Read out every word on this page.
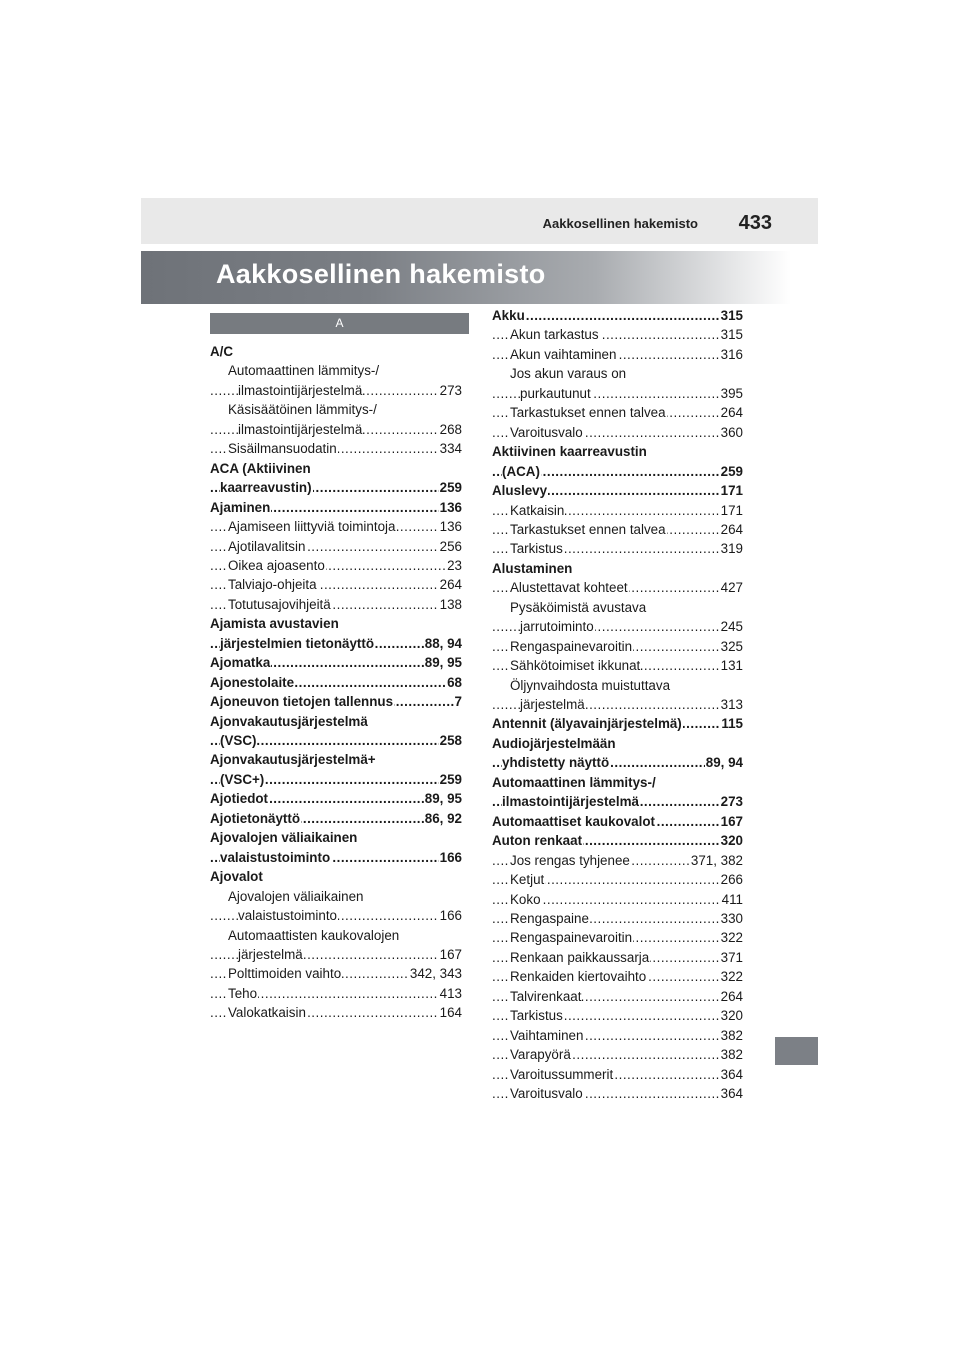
Aakkosellinen hakemisto 433
Aakkosellinen hakemisto
A
A/C
Automaattinen lämmitys-/
..... ilmastointijärjestelmä	273
Käsisäätöinen lämmitys-/
..... ilmastointijärjestelmä	268
..... Sisäilmansuodatin	334
ACA (Aktiivinen
..... kaarreavustin)	259
..... Ajaminen	136
..... Ajamiseen liittyviä toimintoja	136
..... Ajotilavalitsin	256
..... Oikea ajoasento	23
..... Talviajo-ohjeita	264
..... Totutusajovihjeitä	138
Ajamista avustavien
..... järjestelmien tietonäyttö	88, 94
..... Ajomatka	89, 95
..... Ajonestolaite	68
..... Ajoneuvon tietojen tallennus	7
Ajonvakautusjärjestelmä
..... (VSC)	258
Ajonvakautusjärjestelmä+
..... (VSC+)	259
..... Ajotiedot	89, 95
..... Ajotietonäyttö	86, 92
Ajovalojen väliaikainen
..... valaistustoiminto	166
Ajovalot
Ajovalojen väliaikainen
..... valaistustoiminto	166
Automaattisten kaukovalojen
..... järjestelmä	167
..... Polttimoiden vaihto	342, 343
..... Teho	413
..... Valokatkaisin	164
..... Akku	315
..... Akun tarkastus	315
..... Akun vaihtaminen	316
Jos akun varaus on
..... purkautunut	395
..... Tarkastukset ennen talvea	264
..... Varoitusvalo	360
Aktiivinen kaarreavustin
..... (ACA)	259
..... Aluslevy	171
..... Katkaisin	171
..... Tarkastukset ennen talvea	264
..... Tarkistus	319
Alustaminen
..... Alustettavat kohteet	427
Pysäköimistä avustava
..... jarrutoiminto	245
..... Rengaspainevaroitin	325
..... Sähkötoimiset ikkunat	131
Öljynvaihdosta muistuttava
..... järjestelmä	313
..... Antennit (älyavainjärjestelmä)	115
Audiojärjestelmään
..... yhdistetty näyttö	89, 94
Automaattinen lämmitys-/
..... ilmastointijärjestelmä	273
..... Automaattiset kaukovalot	167
..... Auton renkaat	320
..... Jos rengas tyhjenee	371, 382
..... Ketjut	266
..... Koko	411
..... Rengaspaine	330
..... Rengaspainevaroitin	322
..... Renkaan paikkaussarja	371
..... Renkaiden kiertovaihto	322
..... Talvirenkaat	264
..... Tarkistus	320
..... Vaihtaminen	382
..... Varapyörä	382
..... Varoitussummerit	364
..... Varoitusvalo	364
